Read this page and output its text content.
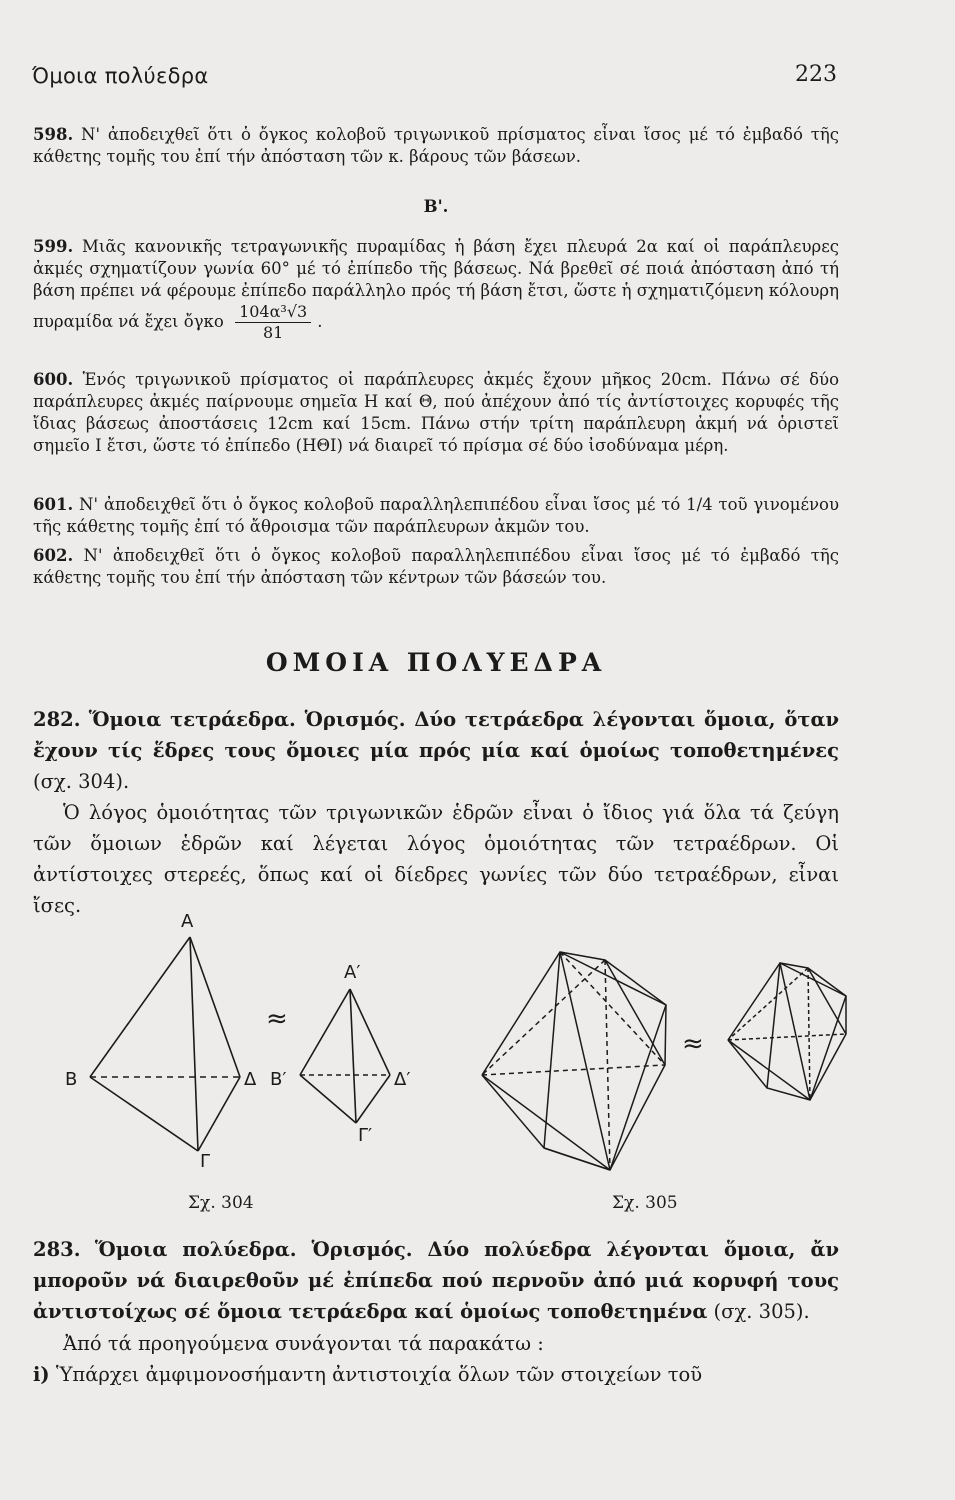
Όμοια πολύεδρα	223
598. Ν' ἀποδειχθεῖ ὅτι ὁ ὄγκος κολοβοῦ τριγωνικοῦ πρίσματος εἶναι ἴσος μέ τό ἐμβαδό τῆς κάθετης τομῆς του ἐπί τήν ἀπόσταση τῶν κ. βάρους τῶν βάσεων.
Β'.
599. Μιᾶς κανονικῆς τετραγωνικῆς πυραμίδας ἡ βάση ἔχει πλευρά 2α καί οἱ παράπλευρες ἀκμές σχηματίζουν γωνία 60° μέ τό ἐπίπεδο τῆς βάσεως. Νά βρεθεῖ σέ ποιά ἀπόσταση ἀπό τή βάση πρέπει νά φέρουμε ἐπίπεδο παράλληλο πρός τή βάση ἔτσι, ὥστε ἡ σχηματιζόμενη κόλουρη πυραμίδα νά ἔχει ὄγκο $\frac{\text{104α³√3}}{81}$ .
600. Ἑνός τριγωνικοῦ πρίσματος οἱ παράπλευρες ἀκμές ἔχουν μῆκος 20cm. Πάνω σέ δύο παράπλευρες ἀκμές παίρνουμε σημεῖα Η καί Θ, πού ἀπέχουν ἀπό τίς ἀντίστοιχες κορυφές τῆς ἴδιας βάσεως ἀποστάσεις 12cm καί 15cm. Πάνω στήν τρίτη παράπλευρη ἀκμή νά ὁριστεῖ σημεῖο Ι ἔτσι, ὥστε τό ἐπίπεδο (ΗΘΙ) νά διαιρεῖ τό πρίσμα σέ δύο ἰσοδύναμα μέρη.
601. Ν' ἀποδειχθεῖ ὅτι ὁ ὄγκος κολοβοῦ παραλληλεπιπέδου εἶναι ἴσος μέ τό 1/4 τοῦ γινομένου τῆς κάθετης τομῆς ἐπί τό ἄθροισμα τῶν παράπλευρων ἀκμῶν του.
602. Ν' ἀποδειχθεῖ ὅτι ὁ ὄγκος κολοβοῦ παραλληλεπιπέδου εἶναι ἴσος μέ τό ἐμβαδό τῆς κάθετης τομῆς του ἐπί τήν ἀπόσταση τῶν κέντρων τῶν βάσεών του.
ΟΜΟΙΑ ΠΟΛΥΕΔΡΑ
282. Ὅμοια τετράεδρα. Ὁρισμός. Δύο τετράεδρα λέγονται ὅμοια, ὅταν ἔχουν τίς ἕδρες τους ὅμοιες μία πρός μία καί ὁμοίως τοποθετημένες (σχ. 304).
Ὁ λόγος ὁμοιότητας τῶν τριγωνικῶν ἑδρῶν εἶναι ὁ ἴδιος γιά ὅλα τά ζεύγη τῶν ὅμοιων ἑδρῶν καί λέγεται λόγος ὁμοιότητας τῶν τετραέδρων. Οἱ ἀντίστοιχες στερεές, ὅπως καί οἱ δίεδρες γωνίες τῶν δύο τετραέδρων, εἶναι ἴσες.
A
B	Δ
Γ
≈
A′
B′	Δ′
Γ′
Σχ. 304
≈
Σχ. 305
283. Ὅμοια πολύεδρα. Ὁρισμός. Δύο πολύεδρα λέγονται ὅμοια, ἄν μποροῦν νά διαιρεθοῦν μέ ἐπίπεδα πού περνοῦν ἀπό μιά κορυφή τους ἀντιστοίχως σέ ὅμοια τετράεδρα καί ὁμοίως τοποθετημένα (σχ. 305).
Ἀπό τά προηγούμενα συνάγονται τά παρακάτω :
i) Ὑπάρχει ἀμφιμονοσήμαντη ἀντιστοιχία ὅλων τῶν στοιχείων τοῦ
